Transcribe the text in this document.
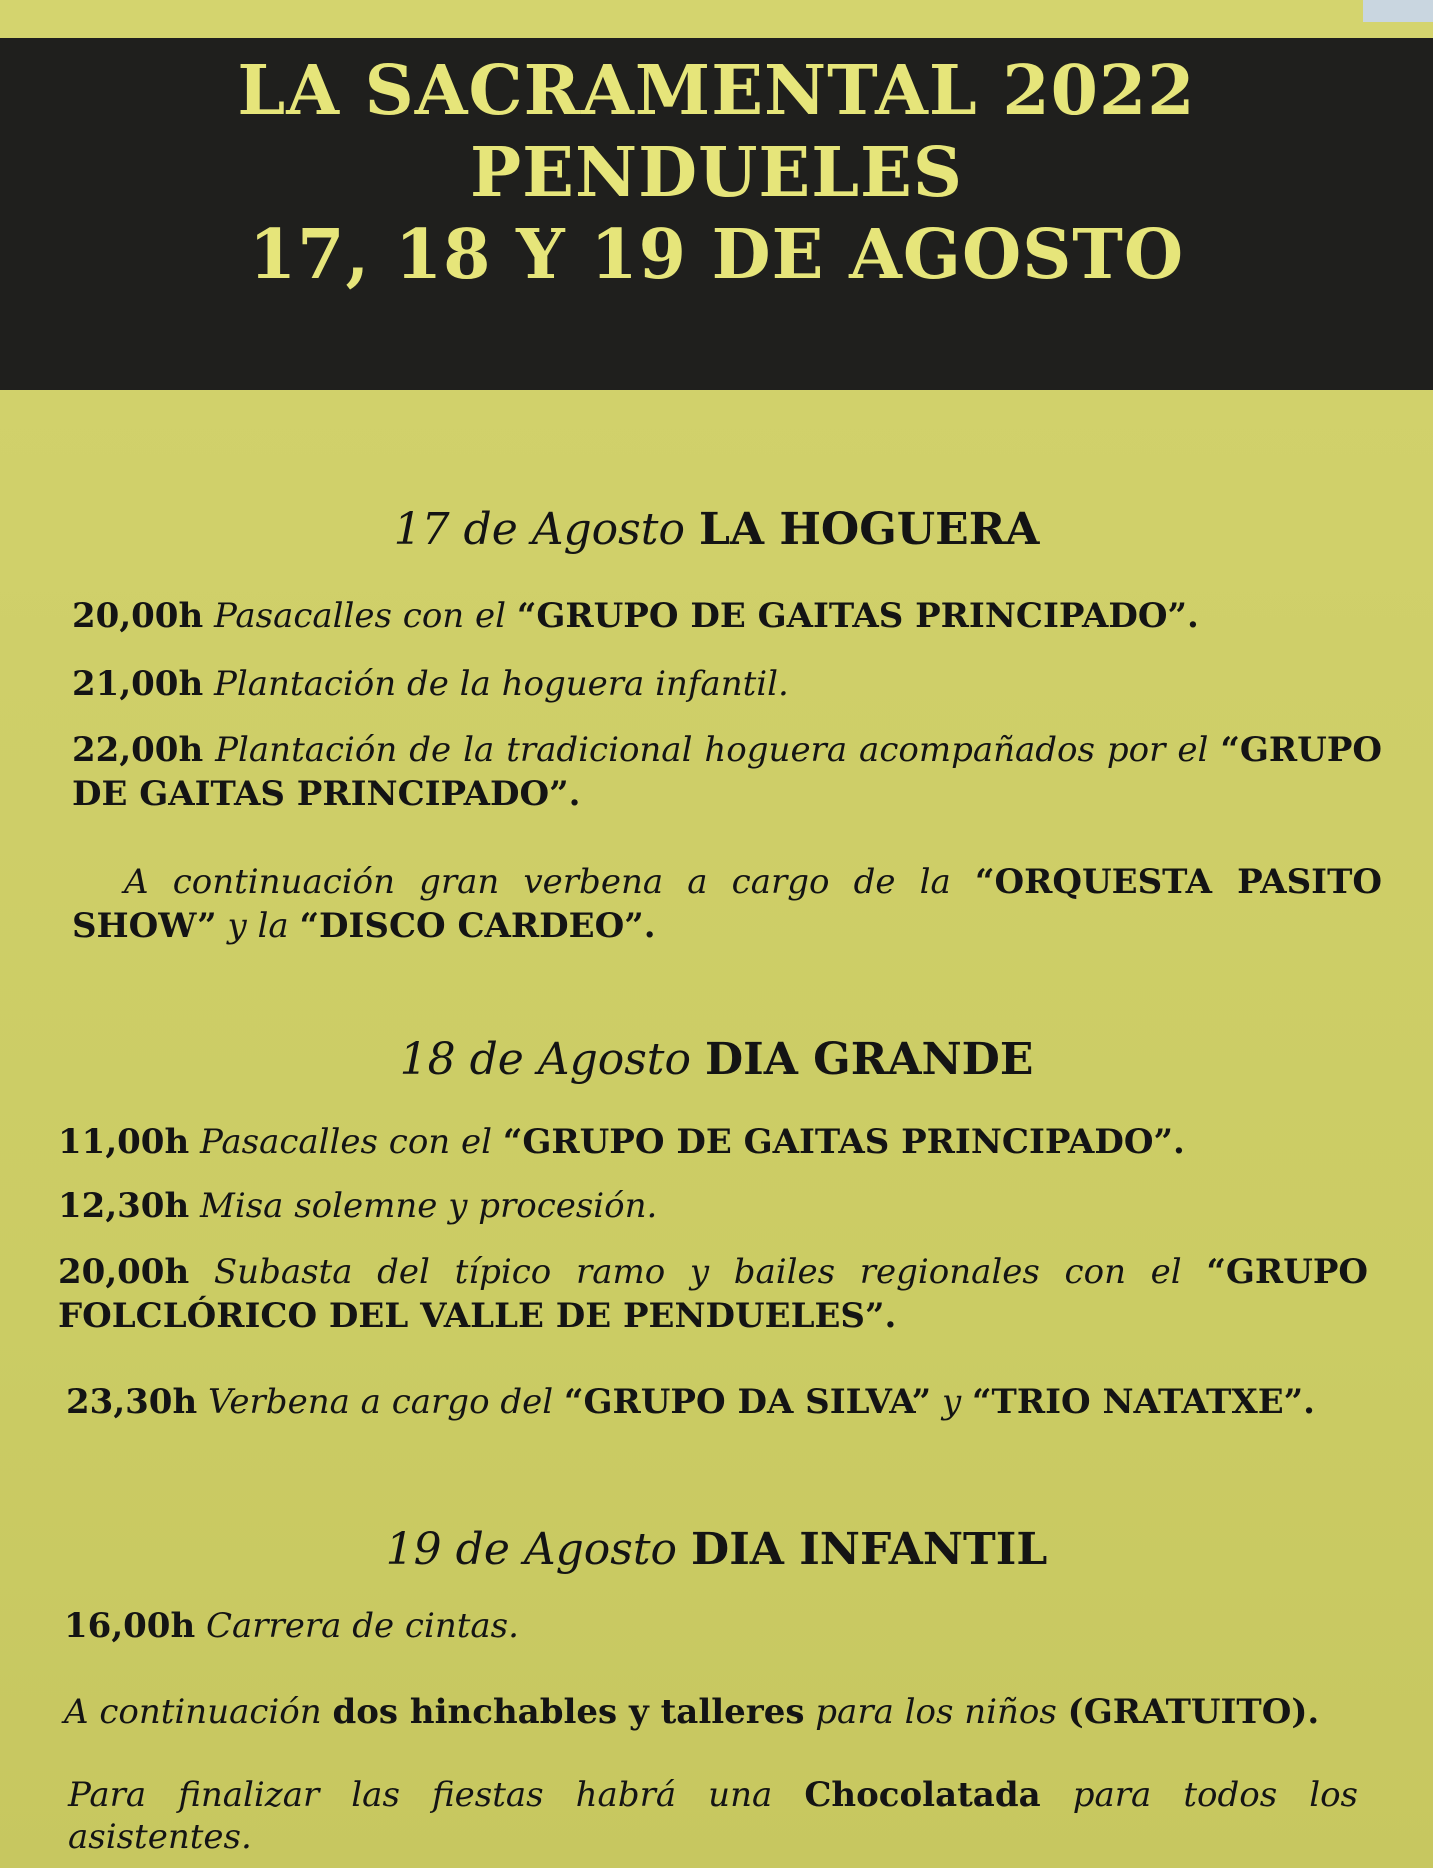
LA SACRAMENTAL 2022
PENDUELES
17, 18 Y 19 DE AGOSTO
17 de Agosto LA HOGUERA
20,00h Pasacalles con el “GRUPO DE GAITAS PRINCIPADO”.
21,00h Plantación de la hoguera infantil.
22,00h Plantación de la tradicional hoguera acompañados por el “GRUPO DE GAITAS PRINCIPADO”.
A continuación gran verbena a cargo de la “ORQUESTA PASITO SHOW” y la “DISCO CARDEO”.
18 de Agosto DIA GRANDE
11,00h Pasacalles con el “GRUPO DE GAITAS PRINCIPADO”.
12,30h Misa solemne y procesión.
20,00h Subasta del típico ramo y bailes regionales con el “GRUPO FOLCLÓRICO DEL VALLE DE PENDUELES”.
23,30h Verbena a cargo del “GRUPO DA SILVA” y “TRIO NATATXE”.
19 de Agosto DIA INFANTIL
16,00h Carrera de cintas.
A continuación dos hinchables y talleres para los niños (GRATUITO).
Para finalizar las fiestas habrá una Chocolatada para todos los asistentes.
